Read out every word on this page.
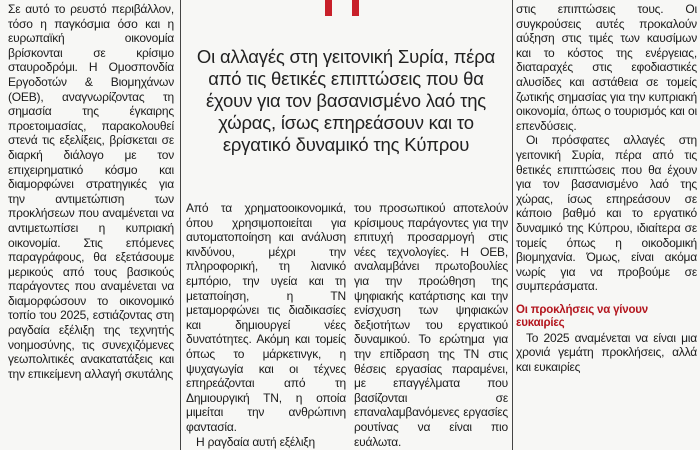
Σε αυτό το ρευστό περιβάλλον, τόσο η παγκόσμια όσο και η ευρωπαϊκή οικονομία βρίσκονται σε κρίσιμο σταυροδρόμι. Η Ομοσπονδία Εργοδοτών & Βιομηχάνων (ΟΕΒ), αναγνωρίζοντας τη σημασία της έγκαιρης προετοιμασίας, παρακολουθεί στενά τις εξελίξεις, βρίσκεται σε διαρκή διάλογο με τον επιχειρηματικό κόσμο και διαμορφώνει στρατηγικές για την αντιμετώπιση των προκλήσεων που αναμένεται να αντιμετωπίσει η κυπριακή οικονομία. Στις επόμενες παραγράφους, θα εξετάσουμε μερικούς από τους βασικούς παράγοντες που αναμένεται να διαμορφώσουν το οικονομικό τοπίο του 2025, εστιάζοντας στη ραγδαία εξέλιξη της τεχνητής νοημοσύνης, τις συνεχιζόμενες γεωπολιτικές ανακατατάξεις και την επικείμενη αλλαγή σκυτάλης

Οι αλλαγές στη γειτονική Συρία, πέρα από τις θετικές επιπτώσεις που θα έχουν για τον βασανισμένο λαό της χώρας, ίσως επηρεάσουν και το εργατικό δυναμικό της Κύπρου

Από τα χρηματοοικονομικά, όπου χρησιμοποιείται για αυτοματοποίηση και ανάλυση κινδύνου, μέχρι την πληροφορική, τη λιανικό εμπόριο, την υγεία και τη μεταποίηση, η ΤΝ μεταμορφώνει τις διαδικασίες και δημιουργεί νέες δυνατότητες. Ακόμη και τομείς όπως το μάρκετινγκ, η ψυχαγωγία και οι τέχνες επηρεάζονται από τη Δημιουργική ΤΝ, η οποία μιμείται την ανθρώπινη φαντασία.

Η ραγδαία αυτή εξέλιξη

του προσωπικού αποτελούν κρίσιμους παράγοντες για την επιτυχή προσαρμογή στις νέες τεχνολογίες. Η ΟΕΒ, αναλαμβάνει πρωτοβουλίες για την προώθηση της ψηφιακής κατάρτισης και την ενίσχυση των ψηφιακών δεξιοτήτων του εργατικού δυναμικού. Το ερώτημα για την επίδραση της ΤΝ στις θέσεις εργασίας παραμένει, με επαγγέλματα που βασίζονται σε επαναλαμβανόμενες εργασίες ρουτίνας να είναι πιο ευάλωτα.

στις επιπτώσεις τους. Οι συγκρούσεις αυτές προκαλούν αύξηση στις τιμές των καυσίμων και το κόστος της ενέργειας, διαταραχές στις εφοδιαστικές αλυσίδες και αστάθεια σε τομείς ζωτικής σημασίας για την κυπριακή οικονομία, όπως ο τουρισμός και οι επενδύσεις.

Οι πρόσφατες αλλαγές στη γειτονική Συρία, πέρα από τις θετικές επιπτώσεις που θα έχουν για τον βασανισμένο λαό της χώρας, ίσως επηρεάσουν σε κάποιο βαθμό και το εργατικό δυναμικό της Κύπρου, ιδιαίτερα σε τομείς όπως η οικοδομική βιομηχανία. Όμως, είναι ακόμα νωρίς για να προβούμε σε συμπεράσματα.

Οι προκλήσεις να γίνουν ευκαιρίες

Το 2025 αναμένεται να είναι μια χρονιά γεμάτη προκλήσεις, αλλά και ευκαιρίες
